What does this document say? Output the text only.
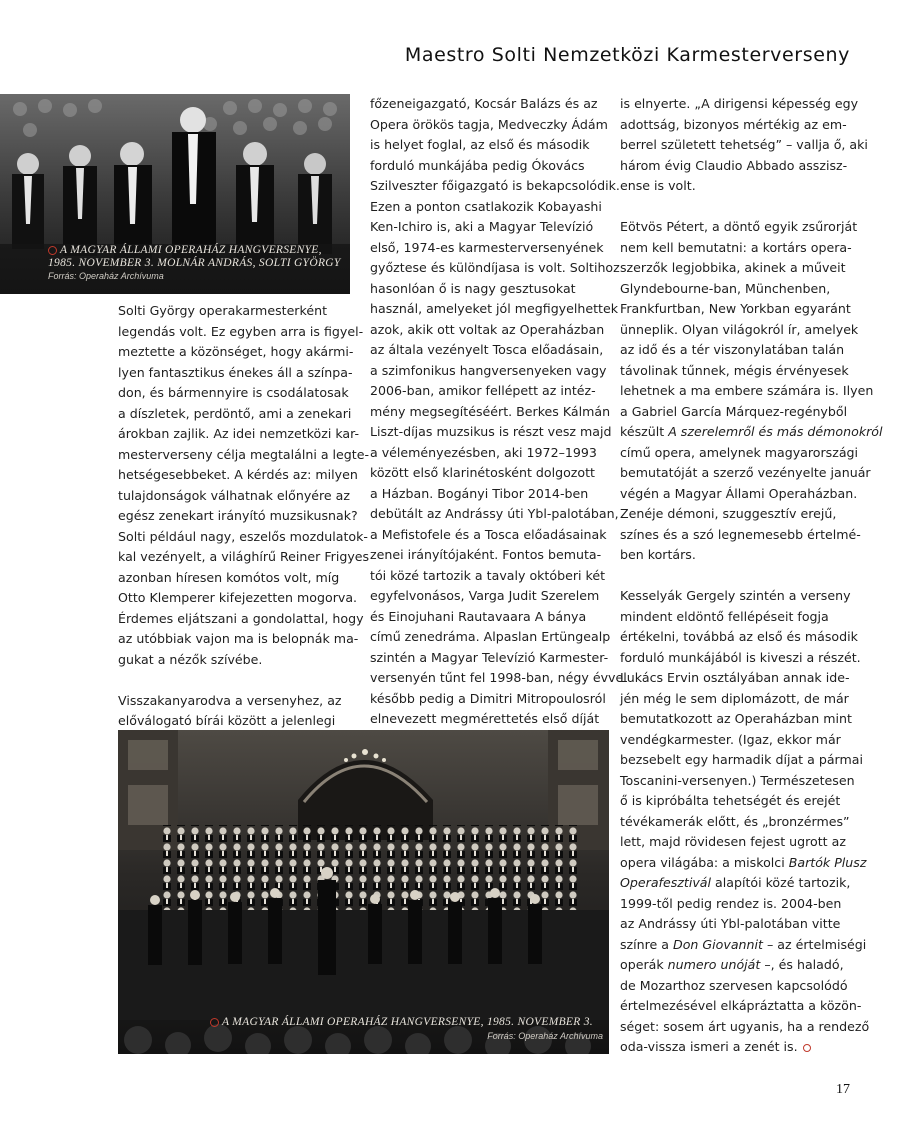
Maestro Solti Nemzetközi Karmesterverseny
A MAGYAR ÁLLAMI OPERAHÁZ HANGVERSENYE,
1985. NOVEMBER 3. MOLNÁR ANDRÁS, SOLTI GYÖRGY
Forrás: Operaház Archívuma
A MAGYAR ÁLLAMI OPERAHÁZ HANGVERSENYE, 1985. NOVEMBER 3.
Forrás: Operaház Archívuma

Solti György operakarmesterként
legendás volt. Ez egyben arra is figyel-
meztette a közönséget, hogy akármi-
lyen fantasztikus énekes áll a színpa-
don, és bármennyire is csodálatosak
a díszletek, perdöntő, ami a zenekari
árokban zajlik. Az idei nemzetközi kar-
mesterverseny célja megtalálni a legte-
hetségesebbeket. A kérdés az: milyen
tulajdonságok válhatnak előnyére az
egész zenekart irányító muzsikusnak?
Solti például nagy, eszelős mozdulatok-
kal vezényelt, a világhírű Reiner Frigyes
azonban híresen komótos volt, míg
Otto Klemperer kifejezetten mogorva.
Érdemes eljátszani a gondolattal, hogy
az utóbbiak vajon ma is belopnák ma-
gukat a nézők szívébe.

Visszakanyarodva a versenyhez, az
előválogató bírái között a jelenlegi

főzeneigazgató, Kocsár Balázs és az
Opera örökös tagja, Medveczky Ádám
is helyet foglal, az első és második
forduló munkájába pedig Ókovács
Szilveszter főigazgató is bekapcsolódik.
Ezen a ponton csatlakozik Kobayashi
Ken-Ichiro is, aki a Magyar Televízió
első, 1974-es karmesterversenyének
győztese és különdíjasa is volt. Soltihoz
hasonlóan ő is nagy gesztusokat
használ, amelyeket jól megfigyelhettek
azok, akik ott voltak az Operaházban
az általa vezényelt Tosca előadásain,
a szimfonikus hangversenyeken vagy
2006-ban, amikor fellépett az intéz-
mény megsegítéséért. Berkes Kálmán
Liszt-díjas muzsikus is részt vesz majd
a véleményezésben, aki 1972–1993
között első klarinétosként dolgozott
a Házban. Bogányi Tibor 2014-ben
debütált az Andrássy úti Ybl-palotában,
a Mefistofele és a Tosca előadásainak
zenei irányítójaként. Fontos bemuta-
tói közé tartozik a tavaly októberi két
egyfelvonásos, Varga Judit Szerelem
és Einojuhani Rautavaara A bánya
című zenedráma. Alpaslan Ertüngealp
szintén a Magyar Televízió Karmester-
versenyén tűnt fel 1998-ban, négy évvel
később pedig a Dimitri Mitropoulosról
elnevezett megmérettetés első díját

is elnyerte. „A dirigensi képesség egy
adottság, bizonyos mértékig az em-
berrel született tehetség” – vallja ő, aki
három évig Claudio Abbado asszisz-
ense is volt.

Eötvös Pétert, a döntő egyik zsűrorját
nem kell bemutatni: a kortárs opera-
szerzők legjobbika, akinek a műveit
Glyndebourne-ban, Münchenben,
Frankfurtban, New Yorkban egyaránt
ünneplik. Olyan világokról ír, amelyek
az idő és a tér viszonylatában talán
távolinak tűnnek, mégis érvényesek
lehetnek a ma embere számára is. Ilyen
a Gabriel García Márquez-regényből
készült A szerelemről és más démonokról
című opera, amelynek magyarországi
bemutatóját a szerző vezényelte január
végén a Magyar Állami Operaházban.
Zenéje démoni, szuggesztív erejű,
színes és a szó legnemesebb értelmé-
ben kortárs.

Kesselyák Gergely szintén a verseny
mindent eldöntő fellépéseit fogja
értékelni, továbbá az első és második
forduló munkájából is kiveszi a részét.
Lukács Ervin osztályában annak ide-
jén még le sem diplomázott, de már
bemutatkozott az Operaházban mint
vendégkarmester. (Igaz, ekkor már
bezsebelt egy harmadik díjat a pármai
Toscanini-versenyen.) Természetesen
ő is kipróbálta tehetségét és erejét
tévékamerák előtt, és „bronzérmes”
lett, majd rövidesen fejest ugrott az
opera világába: a miskolci Bartók Plusz
Operafesztivál alapítói közé tartozik,
1999-től pedig rendez is. 2004-ben
az Andrássy úti Ybl-palotában vitte
színre a Don Giovannit – az értelmiségi
operák numero unóját –, és haladó,
de Mozarthoz szervesen kapcsolódó
értelmezésével elkápráztatta a közön-
séget: sosem árt ugyanis, ha a rendező
oda-vissza ismeri a zenét is.

17
